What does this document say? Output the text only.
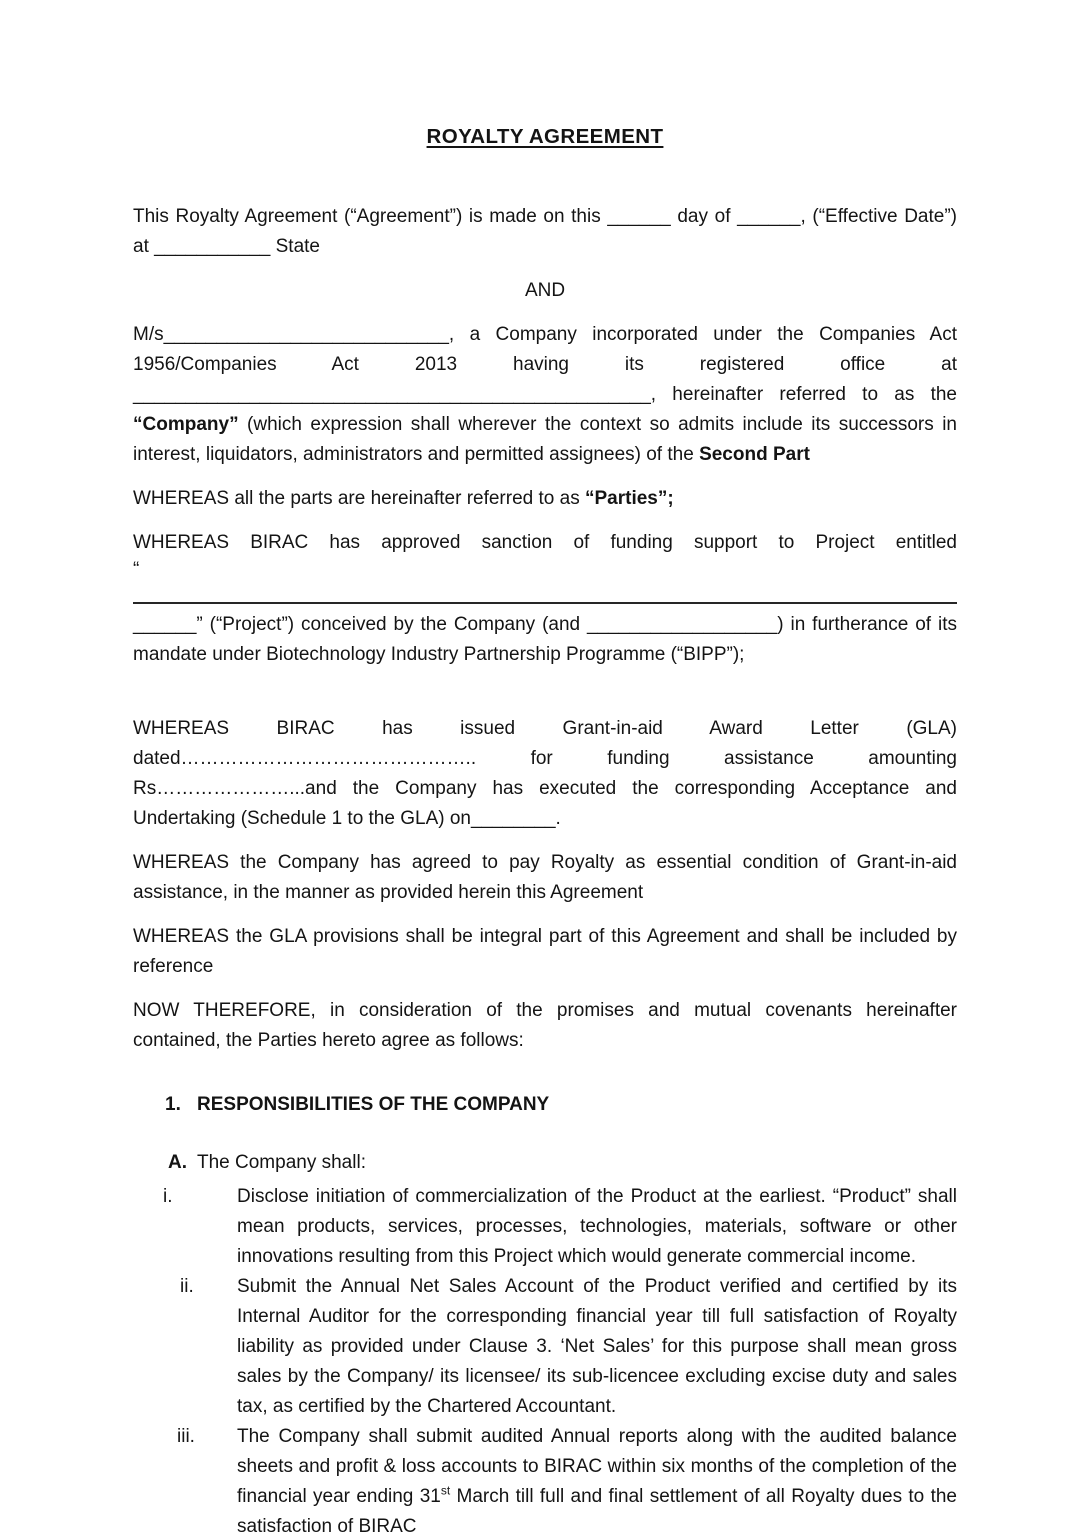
ROYALTY AGREEMENT

This Royalty Agreement (“Agreement”) is made on this ______ day of ______, (“Effective Date”) at ___________ State

AND

M/s___________________________, a Company incorporated under the Companies Act 1956/Companies Act 2013 having its registered office at _________________________________________________, hereinafter referred to as the “Company” (which expression shall wherever the context so admits include its successors in interest, liquidators, administrators and permitted assignees) of the Second Part

WHEREAS all the parts are hereinafter referred to as “Parties”;

WHEREAS BIRAC has approved sanction of funding support to Project entitled
“
______” (“Project”) conceived by the Company (and __________________) in furtherance of its mandate under Biotechnology Industry Partnership Programme (“BIPP”);

WHEREAS BIRAC has issued Grant-in-aid Award Letter (GLA) dated……………………………………….. for funding assistance amounting Rs…………………...and the Company has executed the corresponding Acceptance and Undertaking (Schedule 1 to the GLA) on________.

WHEREAS the Company has agreed to pay Royalty as essential condition of Grant-in-aid assistance, in the manner as provided herein this Agreement

WHEREAS the GLA provisions shall be integral part of this Agreement and shall be included by reference

NOW THEREFORE, in consideration of the promises and mutual covenants hereinafter contained, the Parties hereto agree as follows:

1. RESPONSIBILITIES OF THE COMPANY
A. The Company shall:
i.	Disclose initiation of commercialization of the Product at the earliest. “Product” shall mean products, services, processes, technologies, materials, software or other innovations resulting from this Project which would generate commercial income.
ii.	Submit the Annual Net Sales Account of the Product verified and certified by its Internal Auditor for the corresponding financial year till full satisfaction of Royalty liability as provided under Clause 3. ‘Net Sales’ for this purpose shall mean gross sales by the Company/ its licensee/ its sub-licencee excluding excise duty and sales tax, as certified by the Chartered Accountant.
iii.	The Company shall submit audited Annual reports along with the audited balance sheets and profit & loss accounts to BIRAC within six months of the completion of the financial year ending 31st March till full and final settlement of all Royalty dues to the satisfaction of BIRAC
